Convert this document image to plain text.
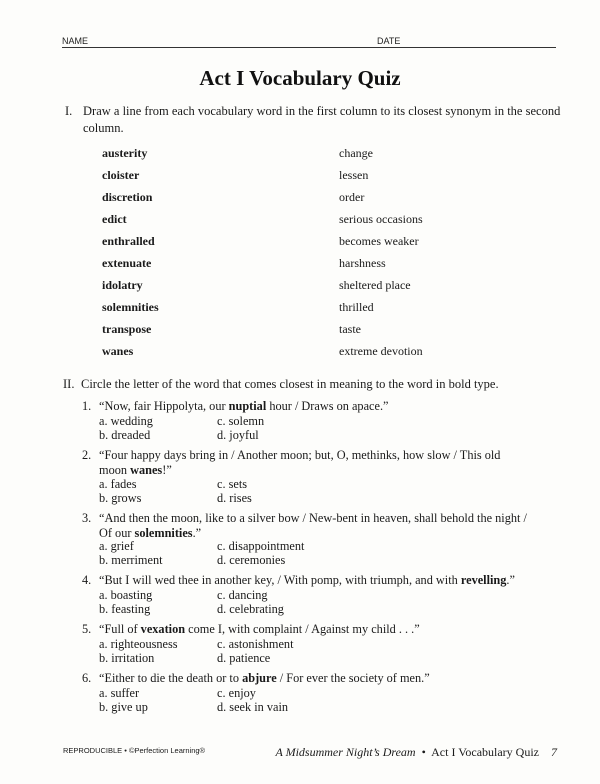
NAME	DATE
Act I Vocabulary Quiz
I. Draw a line from each vocabulary word in the first column to its closest synonym in the second
column.
austerity	change
cloister	lessen
discretion	order
edict	serious occasions
enthralled	becomes weaker
extenuate	harshness
idolatry	sheltered place
solemnities	thrilled
transpose	taste
wanes	extreme devotion
II. Circle the letter of the word that comes closest in meaning to the word in bold type.
1. “Now, fair Hippolyta, our nuptial hour / Draws on apace.”
a. wedding	c. solemn
b. dreaded	d. joyful
2. “Four happy days bring in / Another moon; but, O, methinks, how slow / This old
moon wanes!”
a. fades	c. sets
b. grows	d. rises
3. “And then the moon, like to a silver bow / New-bent in heaven, shall behold the night /
Of our solemnities.”
a. grief	c. disappointment
b. merriment	d. ceremonies
4. “But I will wed thee in another key, / With pomp, with triumph, and with revelling.”
a. boasting	c. dancing
b. feasting	d. celebrating
5. “Full of vexation come I, with complaint / Against my child . . .”
a. righteousness	c. astonishment
b. irritation	d. patience
6. “Either to die the death or to abjure / For ever the society of men.”
a. suffer	c. enjoy
b. give up	d. seek in vain
REPRODUCIBLE • ©Perfection Learning®	A Midsummer Night’s Dream  •  Act I Vocabulary Quiz 7
